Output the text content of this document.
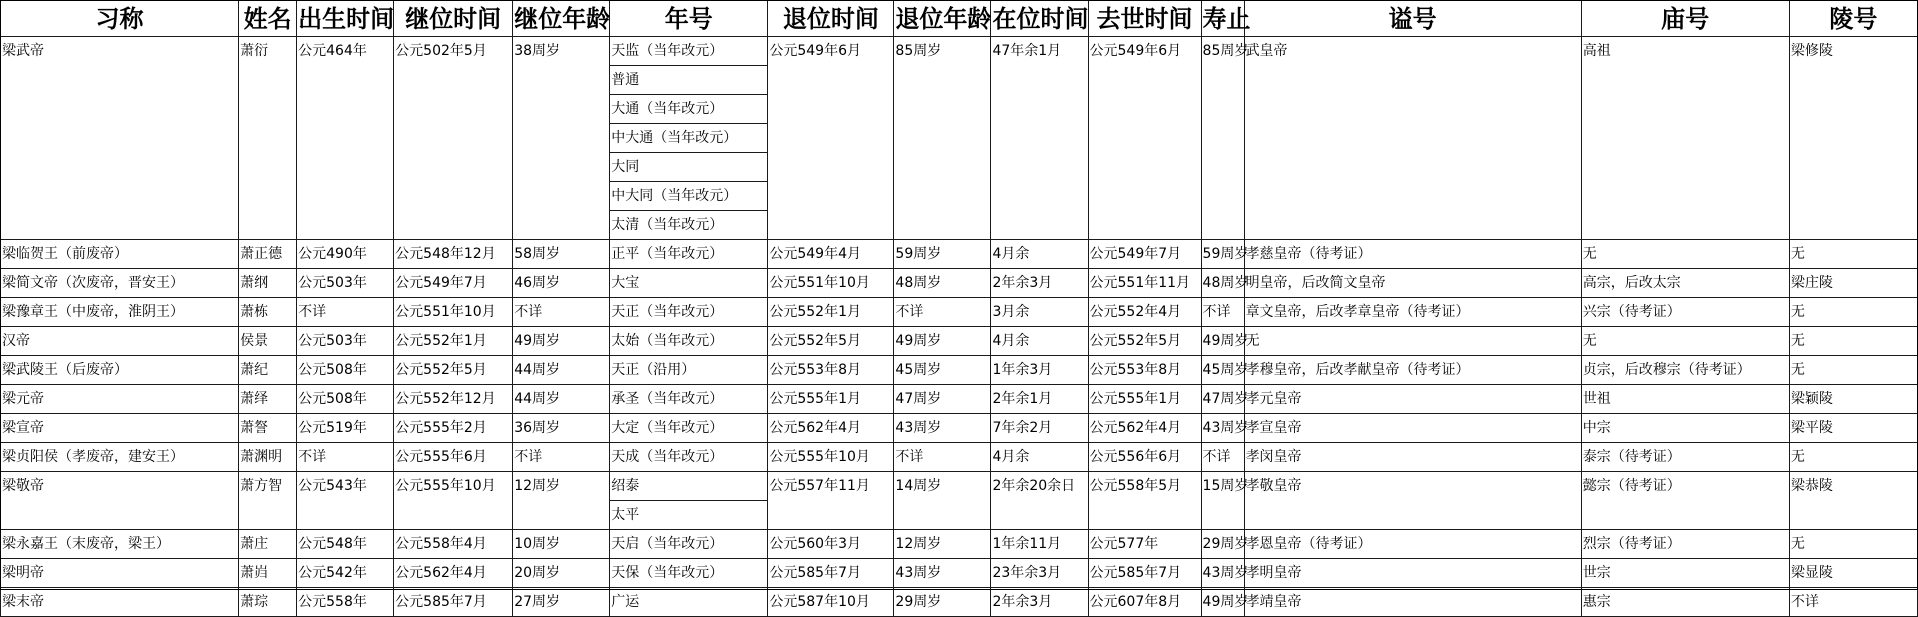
习称	姓名	出生时间	继位时间	继位年龄	年号	退位时间	退位年龄	在位时间	去世时间	寿止	谥号	庙号	陵号
梁武帝	萧衍	公元464年	公元502年5月	38周岁	天监（当年改元）	公元549年6月	85周岁	47年余1月	公元549年6月	85周岁	武皇帝	高祖	梁修陵
					普通								
					大通（当年改元）								
					中大通（当年改元）								
					大同								
					中大同（当年改元）								
					太清（当年改元）								
梁临贺王（前废帝）	萧正德	公元490年	公元548年12月	58周岁	正平（当年改元）	公元549年4月	59周岁	4月余	公元549年7月	59周岁	孝慈皇帝（待考证）	无	无
梁简文帝（次废帝，晋安王）	萧纲	公元503年	公元549年7月	46周岁	大宝	公元551年10月	48周岁	2年余3月	公元551年11月	48周岁	明皇帝，后改简文皇帝	高宗，后改太宗	梁庄陵
梁豫章王（中废帝，淮阴王）	萧栋	不详	公元551年10月	不详	天正（当年改元）	公元552年1月	不详	3月余	公元552年4月	不详	章文皇帝，后改孝章皇帝（待考证）	兴宗（待考证）	无
汉帝	侯景	公元503年	公元552年1月	49周岁	太始（当年改元）	公元552年5月	49周岁	4月余	公元552年5月	49周岁	无	无	无
梁武陵王（后废帝）	萧纪	公元508年	公元552年5月	44周岁	天正（沿用）	公元553年8月	45周岁	1年余3月	公元553年8月	45周岁	孝穆皇帝，后改孝献皇帝（待考证）	贞宗，后改穆宗（待考证）	无
梁元帝	萧绎	公元508年	公元552年12月	44周岁	承圣（当年改元）	公元555年1月	47周岁	2年余1月	公元555年1月	47周岁	孝元皇帝	世祖	梁颖陵
梁宣帝	萧詧	公元519年	公元555年2月	36周岁	大定（当年改元）	公元562年4月	43周岁	7年余2月	公元562年4月	43周岁	孝宣皇帝	中宗	梁平陵
梁贞阳侯（孝废帝，建安王）	萧渊明	不详	公元555年6月	不详	天成（当年改元）	公元555年10月	不详	4月余	公元556年6月	不详	孝闵皇帝	泰宗（待考证）	无
梁敬帝	萧方智	公元543年	公元555年10月	12周岁	绍泰	公元557年11月	14周岁	2年余20余日	公元558年5月	15周岁	孝敬皇帝	懿宗（待考证）	梁恭陵
					太平								
梁永嘉王（末废帝，梁王）	萧庄	公元548年	公元558年4月	10周岁	天启（当年改元）	公元560年3月	12周岁	1年余11月	公元577年	29周岁	孝恩皇帝（待考证）	烈宗（待考证）	无
梁明帝	萧岿	公元542年	公元562年4月	20周岁	天保（当年改元）	公元585年7月	43周岁	23年余3月	公元585年7月	43周岁	孝明皇帝	世宗	梁显陵
梁末帝	萧琮	公元558年	公元585年7月	27周岁	广运	公元587年10月	29周岁	2年余3月	公元607年8月	49周岁	孝靖皇帝	惠宗	不详
